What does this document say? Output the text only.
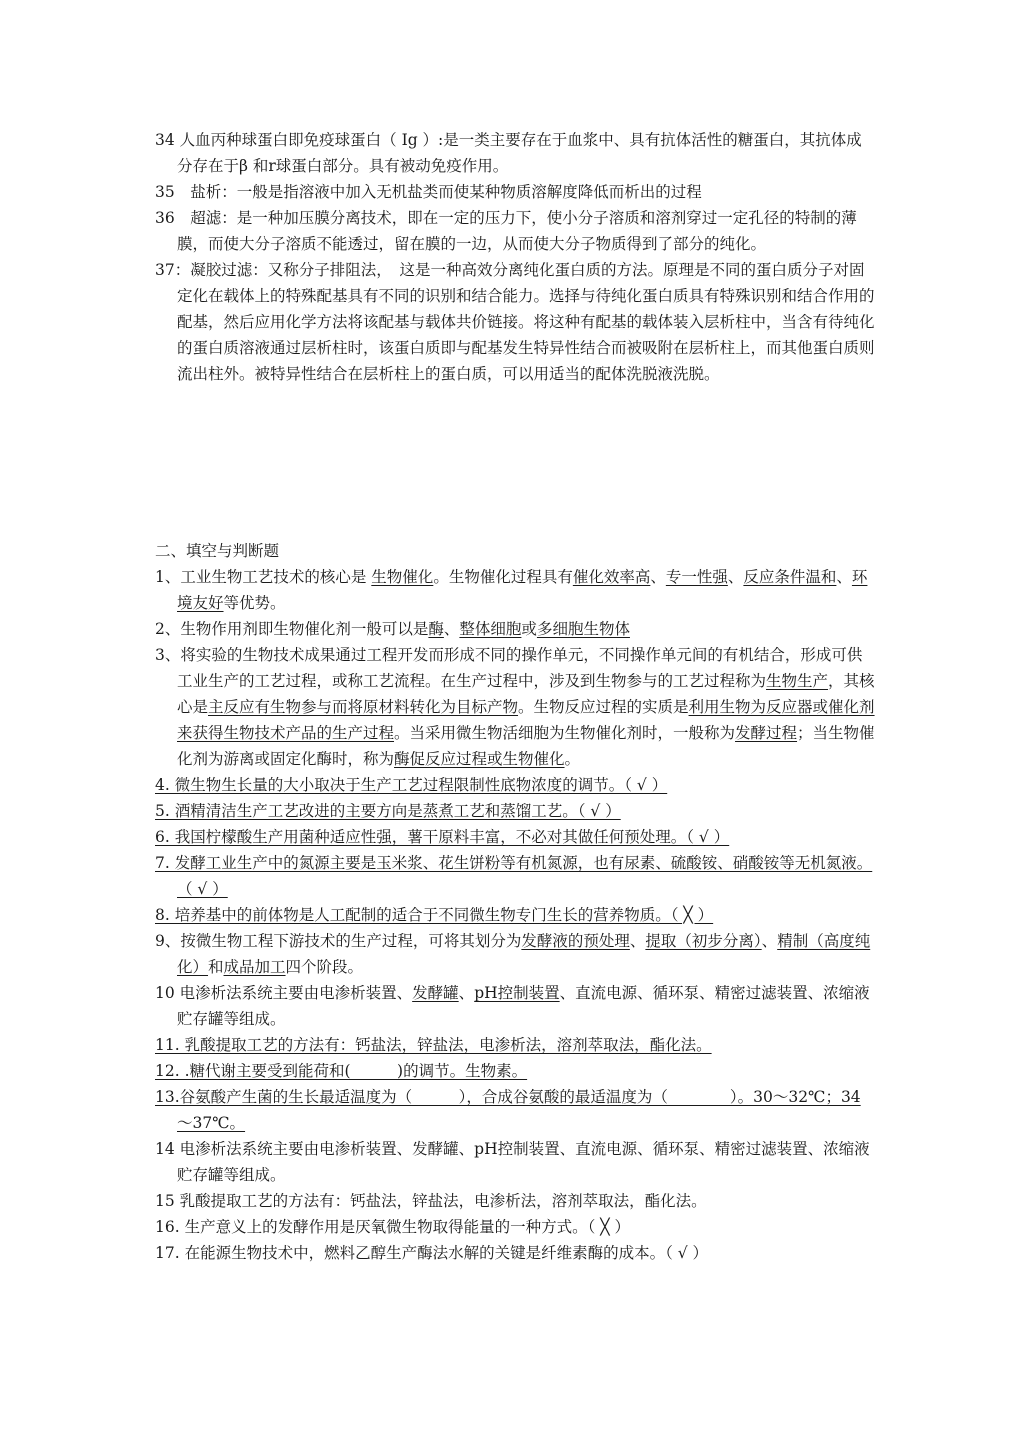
34 人血丙种球蛋白即免疫球蛋白（ Ig ）:是一类主要存在于血浆中、具有抗体活性的糖蛋白，其抗体成分存在于β 和r球蛋白部分。具有被动免疫作用。

35　盐析：一般是指溶液中加入无机盐类而使某种物质溶解度降低而析出的过程

36　超滤：是一种加压膜分离技术，即在一定的压力下，使小分子溶质和溶剂穿过一定孔径的特制的薄膜，而使大分子溶质不能透过，留在膜的一边，从而使大分子物质得到了部分的纯化。

37：凝胶过滤：又称分子排阻法，　这是一种高效分离纯化蛋白质的方法。原理是不同的蛋白质分子对固定化在载体上的特殊配基具有不同的识别和结合能力。选择与待纯化蛋白质具有特殊识别和结合作用的配基，然后应用化学方法将该配基与载体共价链接。将这种有配基的载体装入层析柱中，当含有待纯化的蛋白质溶液通过层析柱时，该蛋白质即与配基发生特异性结合而被吸附在层析柱上，而其他蛋白质则流出柱外。被特异性结合在层析柱上的蛋白质，可以用适当的配体洗脱液洗脱。

二、填空与判断题

1、工业生物工艺技术的核心是 生物催化。生物催化过程具有催化效率高、专一性强、反应条件温和、环境友好等优势。

2、生物作用剂即生物催化剂一般可以是酶、整体细胞或多细胞生物体

3、将实验的生物技术成果通过工程开发而形成不同的操作单元，不同操作单元间的有机结合，形成可供工业生产的工艺过程，或称工艺流程。在生产过程中，涉及到生物参与的工艺过程称为生物生产，其核心是主反应有生物参与而将原材料转化为目标产物。生物反应过程的实质是利用生物为反应器或催化剂来获得生物技术产品的生产过程。当采用微生物活细胞为生物催化剂时，一般称为发酵过程；当生物催化剂为游离或固定化酶时，称为酶促反应过程或生物催化。

4. 微生物生长量的大小取决于生产工艺过程限制性底物浓度的调节。（ √ ）

5. 酒精清洁生产工艺改进的主要方向是蒸煮工艺和蒸馏工艺。（ √ ）

6. 我国柠檬酸生产用菌种适应性强，薯干原料丰富，不必对其做任何预处理。（ √ ）

7. 发酵工业生产中的氮源主要是玉米浆、花生饼粉等有机氮源，也有尿素、硫酸铵、硝酸铵等无机氮液。（ √ ）

8. 培养基中的前体物是人工配制的适合于不同微生物专门生长的营养物质。（ ╳ ）

9、按微生物工程下游技术的生产过程，可将其划分为发酵液的预处理、提取（初步分离）、精制（高度纯化）和成品加工四个阶段。

10 电渗析法系统主要由电渗析装置、发酵罐、pH控制装置、直流电源、循环泵、精密过滤装置、浓缩液贮存罐等组成。

11. 乳酸提取工艺的方法有：钙盐法，锌盐法，电渗析法，溶剂萃取法，酯化法。

12. .糖代谢主要受到能荷和(　　　)的调节。生物素。

13.谷氨酸产生菌的生长最适温度为（　　　），合成谷氨酸的最适温度为（　　　　）。30～32℃；34～37℃。

14 电渗析法系统主要由电渗析装置、发酵罐、pH控制装置、直流电源、循环泵、精密过滤装置、浓缩液贮存罐等组成。

15 乳酸提取工艺的方法有：钙盐法，锌盐法，电渗析法，溶剂萃取法，酯化法。

16. 生产意义上的发酵作用是厌氧微生物取得能量的一种方式。（ ╳ ）

17. 在能源生物技术中，燃料乙醇生产酶法水解的关键是纤维素酶的成本。（ √ ）
